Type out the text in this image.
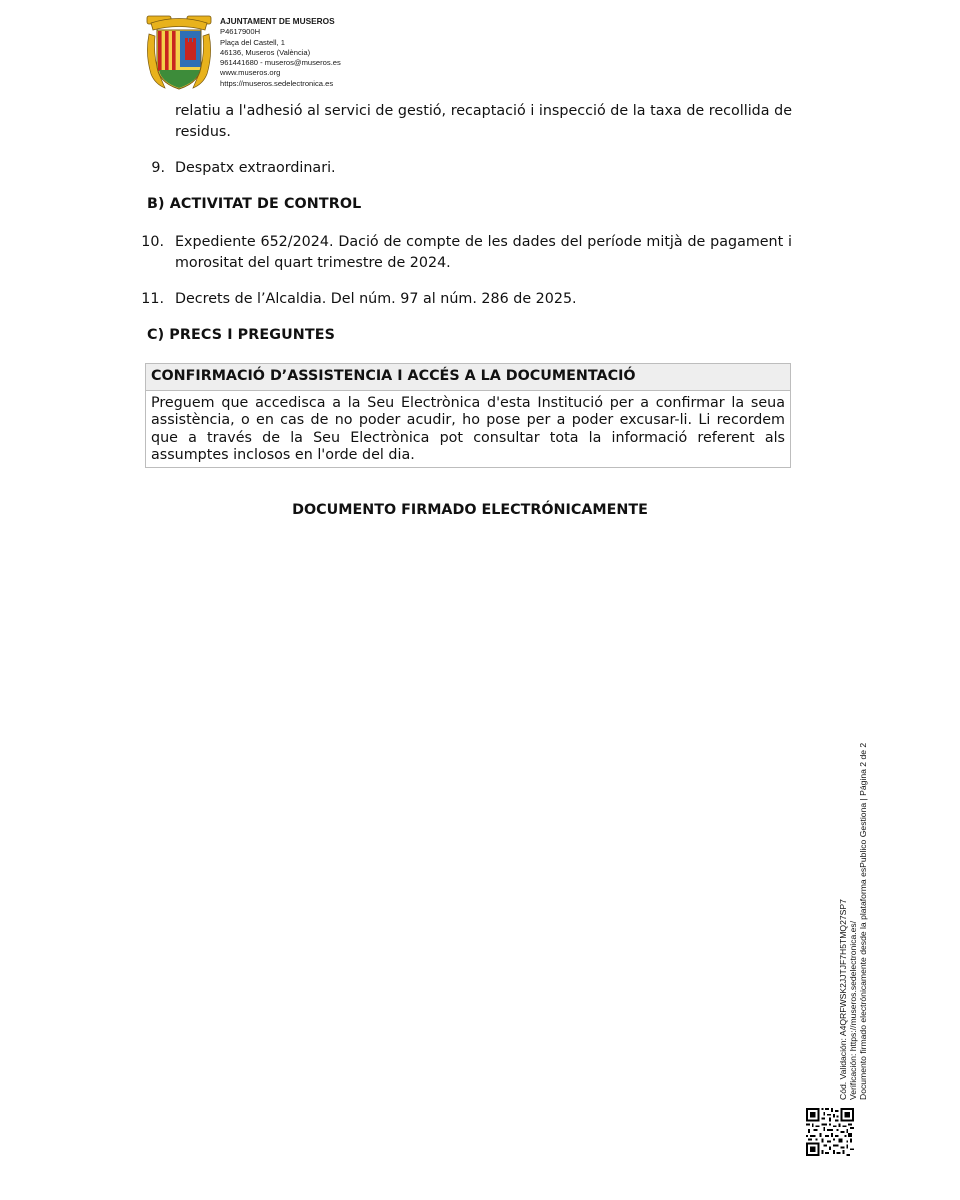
AJUNTAMENT DE MUSEROS
P4617900H
Plaça del Castell, 1
46136, Museros (València)
961441680 - museros@museros.es
www.museros.org
https://museros.sedelectronica.es
relatiu a l'adhesió al servici de gestió, recaptació i inspecció de la taxa de recollida de residus.
9. Despatx extraordinari.
B) ACTIVITAT DE CONTROL
10. Expediente 652/2024. Dació de compte de les dades del període mitjà de pagament i morositat del quart trimestre de 2024.
11. Decrets de l’Alcaldia. Del núm. 97 al núm. 286 de 2025.
C) PRECS I PREGUNTES
CONFIRMACIÓ D’ASSISTENCIA I ACCÉS A LA DOCUMENTACIÓ
Preguem que accedisca a la Seu Electrònica d'esta Institució per a confirmar la seua assistència, o en cas de no poder acudir, ho pose per a poder excusar-li. Li recordem que a través de la Seu Electrònica pot consultar tota la informació referent als assumptes inclosos en l'orde del dia.
DOCUMENTO FIRMADO ELECTRÓNICAMENTE
Cód. Validación: A4QRFWSK2JJTJF7H5TMQ27SP7 Verificación: https://museros.sedelectronica.es/ Documento firmado electrónicamente desde la plataforma esPublico Gestiona | Página 2 de 2
